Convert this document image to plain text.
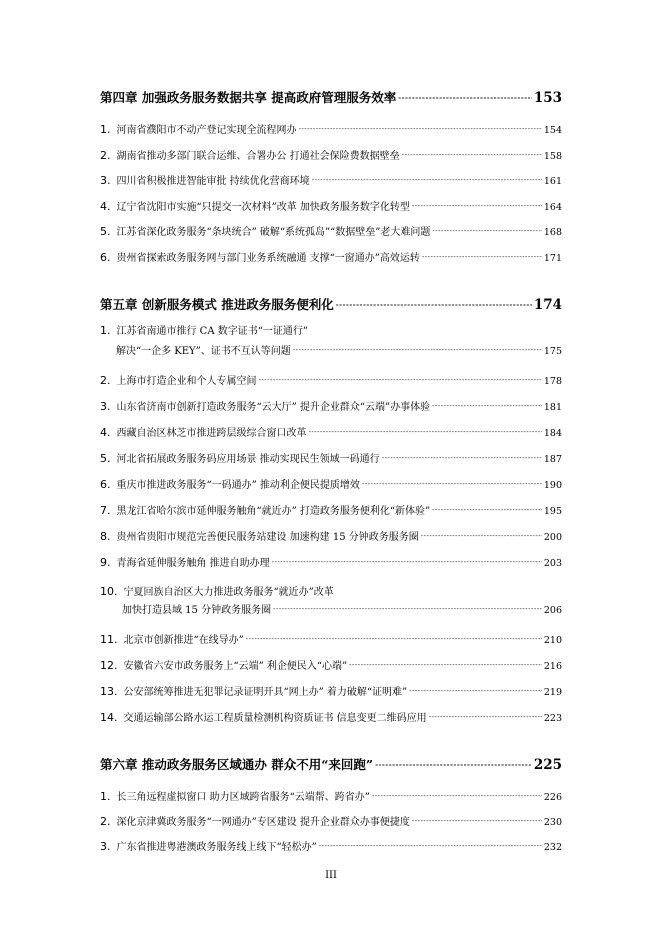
第四章 加强政务服务数据共享 提高政府管理服务效率 -----	153
1. 河南省濮阳市不动产登记实现全流程网办 -----	154
2. 湖南省推动多部门联合运维、合署办公 打通社会保险费数据壁垒 -----	158
3. 四川省积极推进智能审批 持续优化营商环境 -----	161
4. 辽宁省沈阳市实施“只提交一次材料”改革 加快政务服务数字化转型 -----	164
5. 江苏省深化政务服务“条块统合” 破解“系统孤岛”“数据壁垒”老大难问题 -----	168
6. 贵州省探索政务服务网与部门业务系统融通 支撑“一窗通办”高效运转 -----	171
第五章 创新服务模式 推进政务服务便利化 -----	174
1. 江苏省南通市推行 CA 数字证书“一证通行”
解决“一企多 KEY”、证书不互认等问题 -----	175
2. 上海市打造企业和个人专属空间 -----	178
3. 山东省济南市创新打造政务服务“云大厅” 提升企业群众“云端”办事体验 -----	181
4. 西藏自治区林芝市推进跨层级综合窗口改革 -----	184
5. 河北省拓展政务服务码应用场景 推动实现民生领域一码通行 -----	187
6. 重庆市推进政务服务“一码通办” 推动利企便民提质增效 -----	190
7. 黑龙江省哈尔滨市延伸服务触角“就近办” 打造政务服务便利化“新体验” -----	195
8. 贵州省贵阳市规范完善便民服务站建设 加速构建 15 分钟政务服务圈 -----	200
9. 青海省延伸服务触角 推进自助办理 -----	203
10. 宁夏回族自治区大力推进政务服务“就近办”改革
加快打造县域 15 分钟政务服务圈 -----	206
11. 北京市创新推进“在线导办” -----	210
12. 安徽省六安市政务服务上“云端” 利企便民入“心端” -----	216
13. 公安部统筹推进无犯罪记录证明开具“网上办” 着力破解“证明难” -----	219
14. 交通运输部公路水运工程质量检测机构资质证书 信息变更二维码应用 -----	223
第六章 推动政务服务区域通办 群众不用“来回跑” -----	225
1. 长三角远程虚拟窗口 助力区域跨省服务“云端帮、跨省办” -----	226
2. 深化京津冀政务服务“一网通办”专区建设 提升企业群众办事便捷度 -----	230
3. 广东省推进粤港澳政务服务线上线下“轻松办” -----	232
III
